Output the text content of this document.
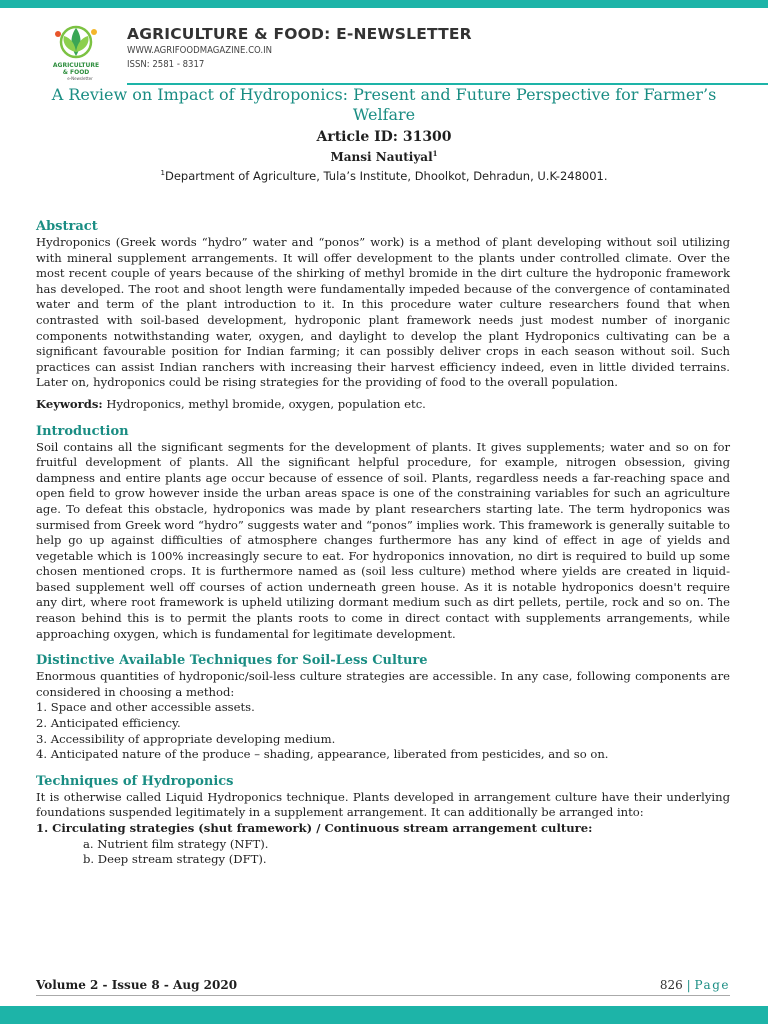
AGRICULTURE
& FOOD
e-Newsletter
AGRICULTURE & FOOD: E-NEWSLETTER
WWW.AGRIFOODMAGAZINE.CO.IN
ISSN: 2581 - 8317
A Review on Impact of Hydroponics: Present and Future Perspective for Farmer’s Welfare
Article ID: 31300
Mansi Nautiyal$^1$
$^1$Department of Agriculture, Tula’s Institute, Dhoolkot, Dehradun, U.K-248001.
Abstract

Hydroponics (Greek words “hydro” water and “ponos” work) is a method of plant developing without soil utilizing with mineral supplement arrangements. It will offer development to the plants under controlled climate. Over the most recent couple of years because of the shirking of methyl bromide in the dirt culture the hydroponic framework has developed. The root and shoot length were fundamentally impeded because of the convergence of contaminated water and term of the plant introduction to it. In this procedure water culture researchers found that when contrasted with soil-based development, hydroponic plant framework needs just modest number of inorganic components notwithstanding water, oxygen, and daylight to develop the plant Hydroponics cultivating can be a significant favourable position for Indian farming; it can possibly deliver crops in each season without soil. Such practices can assist Indian ranchers with increasing their harvest efficiency indeed, even in little divided terrains. Later on, hydroponics could be rising strategies for the providing of food to the overall population.

Keywords: Hydroponics, methyl bromide, oxygen, population etc.

Introduction

Soil contains all the significant segments for the development of plants. It gives supplements; water and so on for fruitful development of plants. All the significant helpful procedure, for example, nitrogen obsession, giving dampness and entire plants age occur because of essence of soil. Plants, regardless needs a far-reaching space and open field to grow however inside the urban areas space is one of the constraining variables for such an agriculture age. To defeat this obstacle, hydroponics was made by plant researchers starting late. The term hydroponics was surmised from Greek word “hydro” suggests water and “ponos” implies work. This framework is generally suitable to help go up against difficulties of atmosphere changes furthermore has any kind of effect in age of yields and vegetable which is 100% increasingly secure to eat. For hydroponics innovation, no dirt is required to build up some chosen mentioned crops. It is furthermore named as (soil less culture) method where yields are created in liquid-based supplement well off courses of action underneath green house. As it is notable hydroponics doesn't require any dirt, where root framework is upheld utilizing dormant medium such as dirt pellets, pertile, rock and so on. The reason behind this is to permit the plants roots to come in direct contact with supplements arrangements, while approaching oxygen, which is fundamental for legitimate development.

Distinctive Available Techniques for Soil-Less Culture

Enormous quantities of hydroponic/soil-less culture strategies are accessible. In any case, following components are considered in choosing a method:

1. Space and other accessible assets.

2. Anticipated efficiency.

3. Accessibility of appropriate developing medium.

4. Anticipated nature of the produce – shading, appearance, liberated from pesticides, and so on.

Techniques of Hydroponics

It is otherwise called Liquid Hydroponics technique. Plants developed in arrangement culture have their underlying foundations suspended legitimately in a supplement arrangement. It can additionally be arranged into:

1. Circulating strategies (shut framework) / Continuous stream arrangement culture:

a. Nutrient film strategy (NFT).

b. Deep stream strategy (DFT).

Volume 2 - Issue 8 - Aug 2020	826 | Page
